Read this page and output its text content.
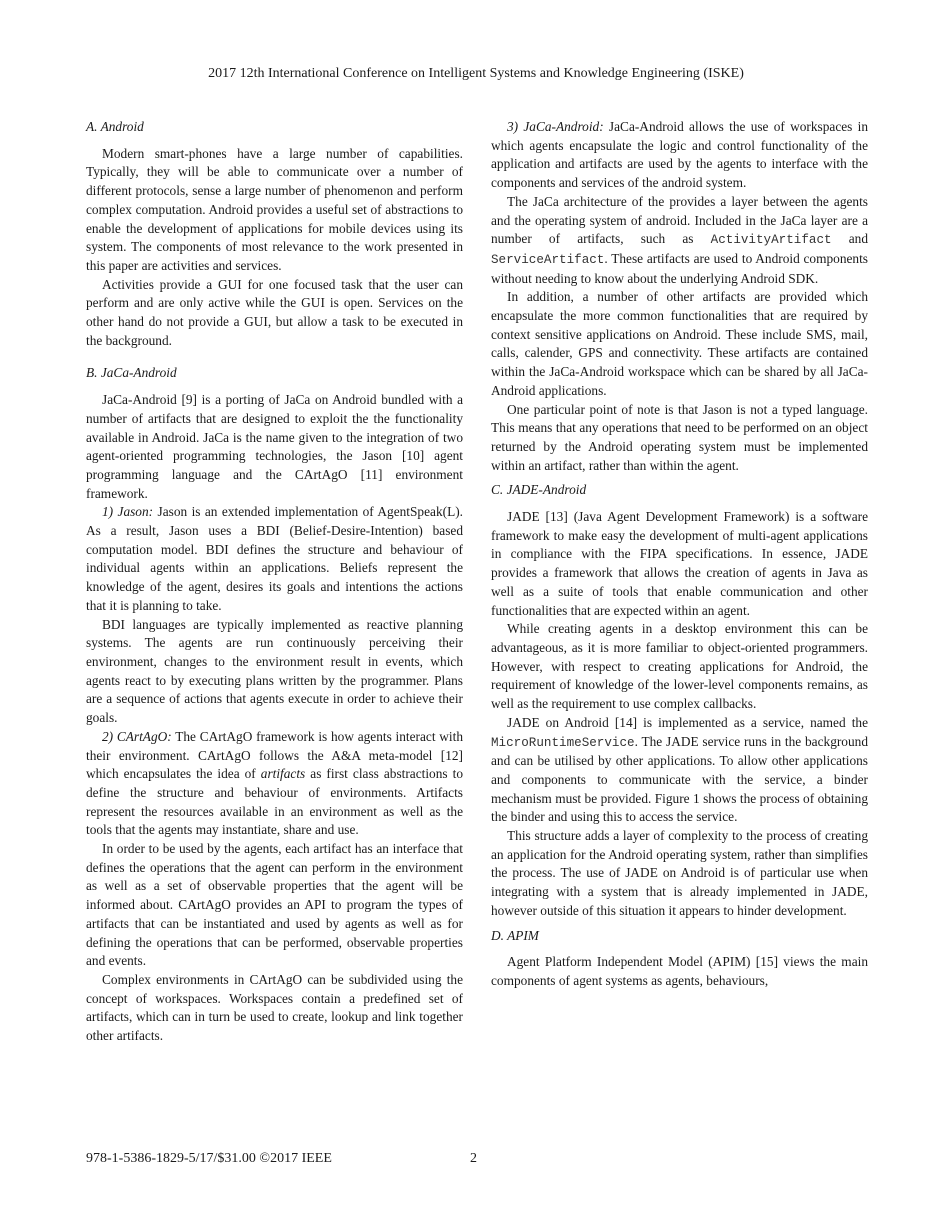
2017 12th International Conference on Intelligent Systems and Knowledge Engineering (ISKE)
A. Android

Modern smart-phones have a large number of capabilities. Typically, they will be able to communicate over a number of different protocols, sense a large number of phenomenon and perform complex computation. Android provides a useful set of abstractions to enable the development of applications for mobile devices using its system. The components of most relevance to the work presented in this paper are activities and services.

Activities provide a GUI for one focused task that the user can perform and are only active while the GUI is open. Services on the other hand do not provide a GUI, but allow a task to be executed in the background.

B. JaCa-Android

JaCa-Android [9] is a porting of JaCa on Android bundled with a number of artifacts that are designed to exploit the the functionality available in Android. JaCa is the name given to the integration of two agent-oriented programming technologies, the Jason [10] agent programming language and the CArtAgO [11] environment framework.

1) Jason: Jason is an extended implementation of AgentSpeak(L). As a result, Jason uses a BDI (Belief-Desire-Intention) based computation model. BDI defines the structure and behaviour of individual agents within an applications. Beliefs represent the knowledge of the agent, desires its goals and intentions the actions that it is planning to take.

BDI languages are typically implemented as reactive planning systems. The agents are run continuously perceiving their environment, changes to the environment result in events, which agents react to by executing plans written by the programmer. Plans are a sequence of actions that agents execute in order to achieve their goals.

2) CArtAgO: The CArtAgO framework is how agents interact with their environment. CArtAgO follows the A&A meta-model [12] which encapsulates the idea of artifacts as first class abstractions to define the structure and behaviour of environments. Artifacts represent the resources available in an environment as well as the tools that the agents may instantiate, share and use.

In order to be used by the agents, each artifact has an interface that defines the operations that the agent can perform in the environment as well as a set of observable properties that the agent will be informed about. CArtAgO provides an API to program the types of artifacts that can be instantiated and used by agents as well as for defining the operations that can be performed, observable properties and events.

Complex environments in CArtAgO can be subdivided using the concept of workspaces. Workspaces contain a predefined set of artifacts, which can in turn be used to create, lookup and link together other artifacts.

3) JaCa-Android: JaCa-Android allows the use of workspaces in which agents encapsulate the logic and control functionality of the application and artifacts are used by the agents to interface with the components and services of the android system.

The JaCa architecture of the provides a layer between the agents and the operating system of android. Included in the JaCa layer are a number of artifacts, such as ActivityArtifact and ServiceArtifact. These artifacts are used to Android components without needing to know about the underlying Android SDK.

In addition, a number of other artifacts are provided which encapsulate the more common functionalities that are required by context sensitive applications on Android. These include SMS, mail, calls, calender, GPS and connectivity. These artifacts are contained within the JaCa-Android workspace which can be shared by all JaCa-Android applications.

One particular point of note is that Jason is not a typed language. This means that any operations that need to be performed on an object returned by the Android operating system must be implemented within an artifact, rather than within the agent.

C. JADE-Android

JADE [13] (Java Agent Development Framework) is a software framework to make easy the development of multi-agent applications in compliance with the FIPA specifications. In essence, JADE provides a framework that allows the creation of agents in Java as well as a suite of tools that enable communication and other functionalities that are expected within an agent.

While creating agents in a desktop environment this can be advantageous, as it is more familiar to object-oriented programmers. However, with respect to creating applications for Android, the requirement of knowledge of the lower-level components remains, as well as the requirement to use complex callbacks.

JADE on Android [14] is implemented as a service, named the MicroRuntimeService. The JADE service runs in the background and can be utilised by other applications. To allow other applications and components to communicate with the service, a binder mechanism must be provided. Figure 1 shows the process of obtaining the binder and using this to access the service.

This structure adds a layer of complexity to the process of creating an application for the Android operating system, rather than simplifies the process. The use of JADE on Android is of particular use when integrating with a system that is already implemented in JADE, however outside of this situation it appears to hinder development.

D. APIM

Agent Platform Independent Model (APIM) [15] views the main components of agent systems as agents, behaviours,

978-1-5386-1829-5/17/$31.00 ©2017 IEEE	2
